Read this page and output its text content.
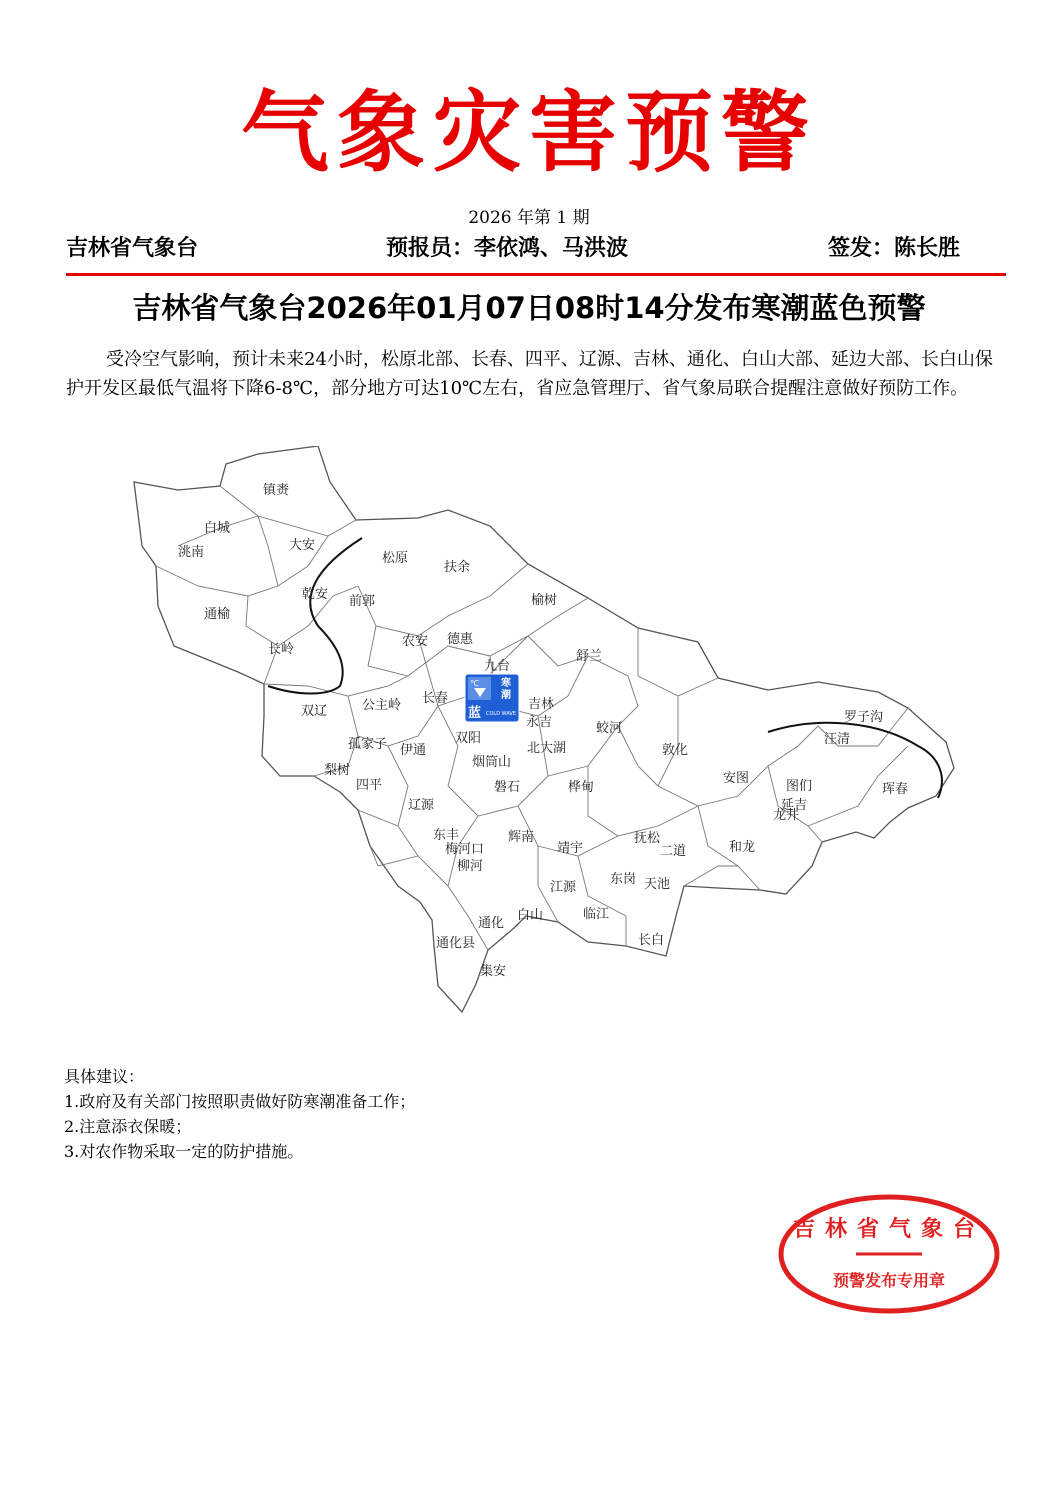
气象灾害预警
2026 年第 1 期
吉林省气象台	预报员：李依鸿、马洪波	签发：陈长胜
吉林省气象台2026年01月07日08时14分发布寒潮蓝色预警
受冷空气影响，预计未来24小时，松原北部、长春、四平、辽源、吉林、通化、白山大部、延边大部、长白山保护开发区最低气温将下降6-8℃，部分地方可达10℃左右，省应急管理厅、省气象局联合提醒注意做好预防工作。
℃ 寒
潮
蓝 COLD WAVE
镇赉
白城
洮南	大安
松原
扶余
乾安 前郭
通榆
长岭
榆树
农安 德惠
舒兰
九台
长春
公主岭
双辽	吉林
永吉	蛟河
敦化
孤家子 伊通
双阳
北大湖
烟筒山
梨树
四平	磐石	桦甸
罗子沟
汪清
安图
图们	珲春
延吉
龙井
辽源
东丰
梅河口
柳河
辉南
靖宇
抚松
二道	和龙
东岗 天池
江源
临江
白山
通化
通化县
集安
长白
具体建议：
1.政府及有关部门按照职责做好防寒潮准备工作；
2.注意添衣保暖；
3.对农作物采取一定的防护措施。
吉林省气象台
预警发布专用章
